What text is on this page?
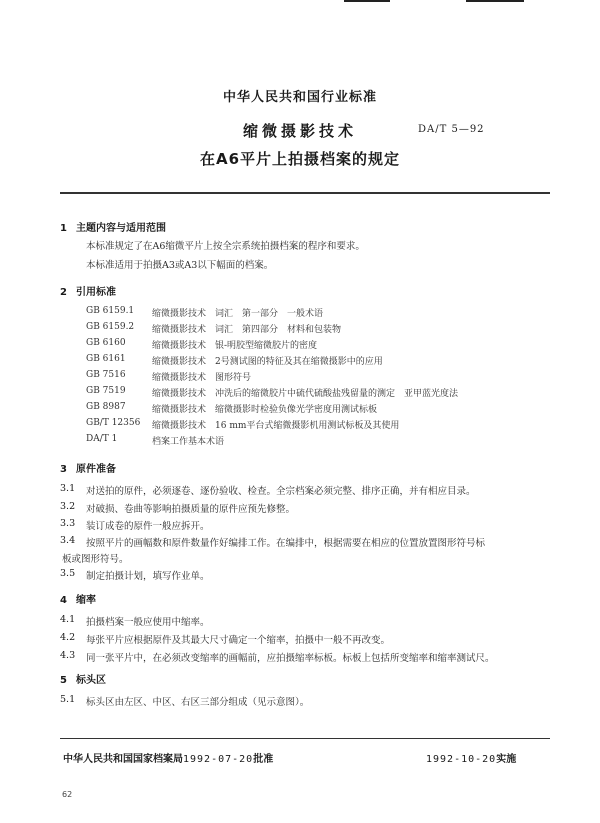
中华人民共和国行业标准
缩微摄影技术	DA/T 5—92
在A6平片上拍摄档案的规定
1 主题内容与适用范围
本标准规定了在A6缩微平片上按全宗系统拍摄档案的程序和要求。
本标准适用于拍摄A3或A3以下幅面的档案。
2 引用标准
GB 6159.1 缩微摄影技术　词汇　第一部分　一般术语
GB 6159.2 缩微摄影技术　词汇　第四部分　材料和包装物
GB 6160	缩微摄影技术　银-明胶型缩微胶片的密度
GB 6161	缩微摄影技术　2号测试图的特征及其在缩微摄影中的应用
GB 7516	缩微摄影技术　图形符号
GB 7519	缩微摄影技术　冲洗后的缩微胶片中硫代硫酸盐残留量的测定　亚甲蓝光度法
GB 8987	缩微摄影技术　缩微摄影时检验负像光学密度用测试标板
GB/T 12356 缩微摄影技术　16 mm平台式缩微摄影机用测试标板及其使用
DA/T 1	档案工作基本术语
3 原件准备
3.1 对送拍的原件，必须逐卷、逐份验收、检查。全宗档案必须完整、排序正确，并有相应目录。
3.2 对破损、卷曲等影响拍摄质量的原件应预先修整。
3.3 装订成卷的原件一般应拆开。
3.4 按照平片的画幅数和原件数量作好编排工作。在编排中，根据需要在相应的位置放置图形符号标
板或图形符号。
3.5 制定拍摄计划，填写作业单。
4 缩率
4.1 拍摄档案一般应使用中缩率。
4.2 每张平片应根据原件及其最大尺寸确定一个缩率，拍摄中一般不再改变。
4.3 同一张平片中，在必须改变缩率的画幅前，应拍摄缩率标板。标板上包括所变缩率和缩率测试尺。
5 标头区
5.1 标头区由左区、中区、右区三部分组成（见示意图）。
中华人民共和国国家档案局1992-07-20批准	1992-10-20实施
62
